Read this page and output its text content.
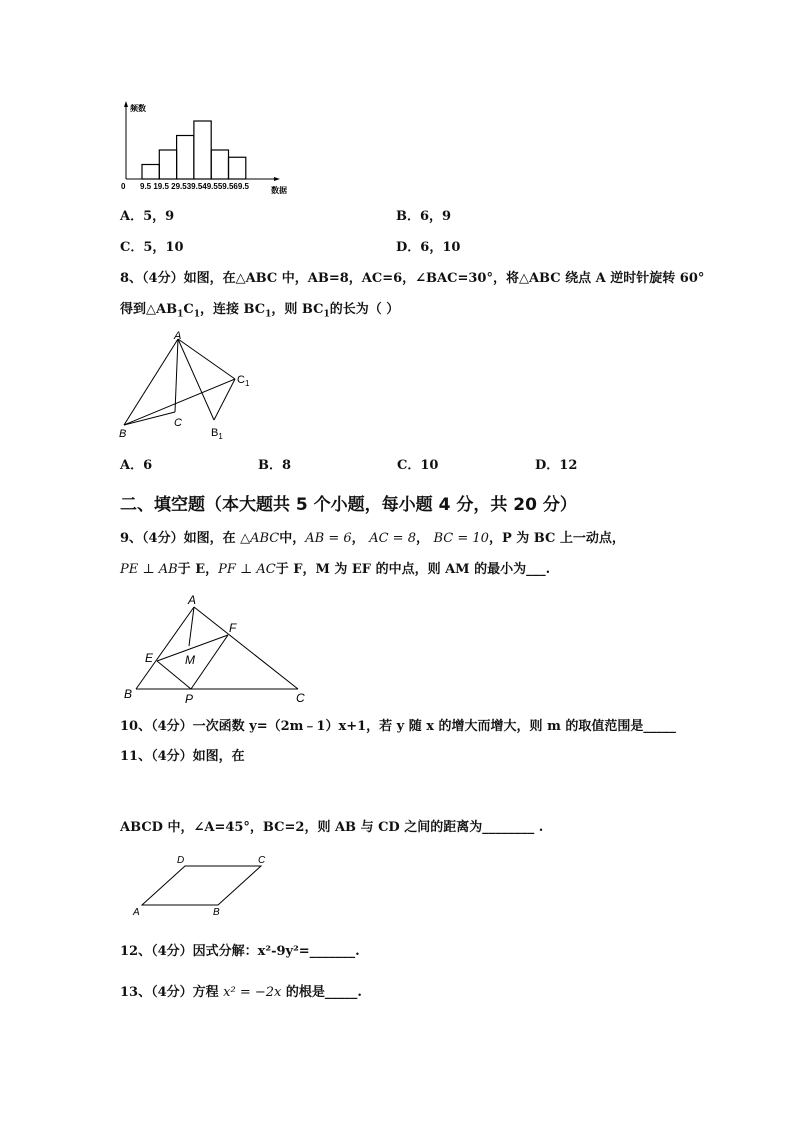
频数
0 9.5 19.5 29.539.549.559.569.5	数据
A．5，9	B．6，9
C．5，10	D．6，10
8、（4分）如图，在△ABC 中，AB=8，AC=6，∠BAC=30°，将△ABC 绕点 A 逆时针旋转 60°
得到$\triangle AB_1C_1$，连接 $BC_1$，则 $BC_1$的长为（ ）
A
B
C
$C_1$
$B_1$
A．6	B．8	C．10	D．12
二、填空题（本大题共 5 个小题，每小题 4 分，共 20 分）
9、（4分）如图，在 △ABC中，AB = 6， AC = 8， BC = 10，P 为 BC 上一动点，
PE ⊥ AB于 E，PF ⊥ AC于 F，M 为 EF 的中点，则 AM 的最小为___.
A
F
E	M
B	P	C
10、（4分）一次函数 y=（2m﹣1）x+1，若 y 随 x 的增大而增大，则 m 的取值范围是_____
11、（4分）如图，在
ABCD 中，∠A=45°，BC=2，则 AB 与 CD 之间的距离为________ .
D	C
A	B
12、（4分）因式分解：x²-9y²=_______.
13、（4分）方程 x² = −2x 的根是_____.
